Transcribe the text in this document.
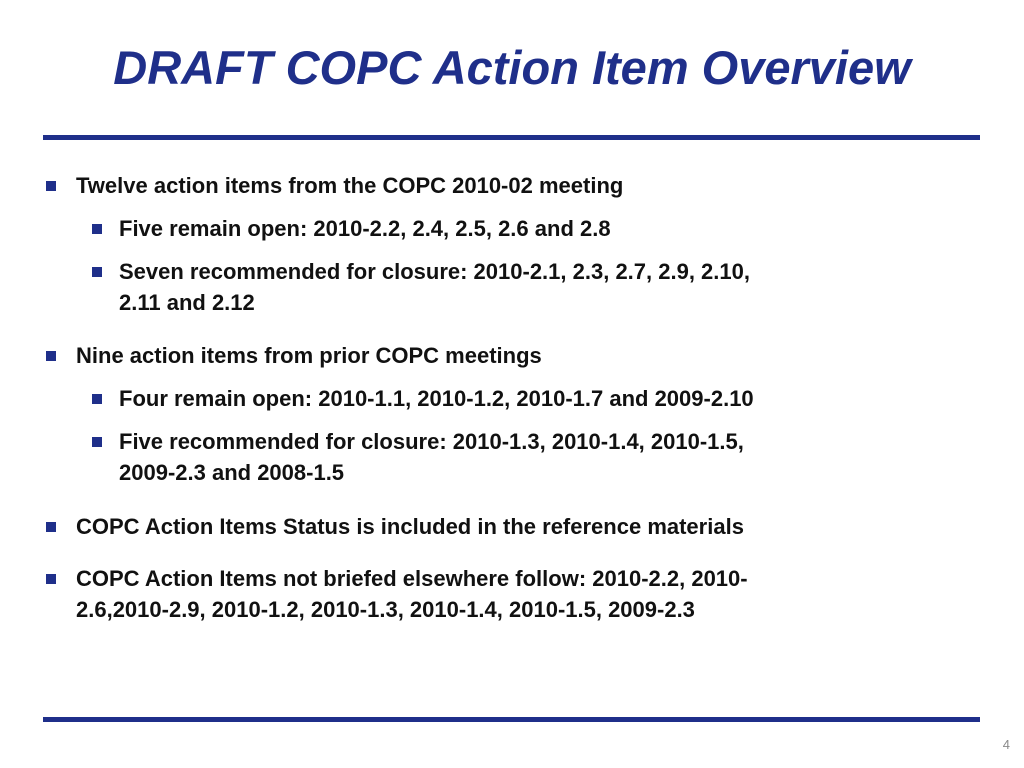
DRAFT COPC Action Item Overview
Twelve action items from the COPC 2010-02 meeting
Five remain open: 2010-2.2, 2.4, 2.5, 2.6 and 2.8
Seven recommended for closure: 2010-2.1, 2.3, 2.7, 2.9, 2.10,
2.11 and 2.12
Nine action items from prior COPC meetings
Four remain open: 2010-1.1, 2010-1.2, 2010-1.7 and 2009-2.10
Five recommended for closure: 2010-1.3, 2010-1.4, 2010-1.5,
2009-2.3 and 2008-1.5
COPC Action Items Status is included in the reference materials
COPC Action Items not briefed elsewhere follow: 2010-2.2, 2010-
2.6,2010-2.9, 2010-1.2, 2010-1.3, 2010-1.4, 2010-1.5, 2009-2.3
4
